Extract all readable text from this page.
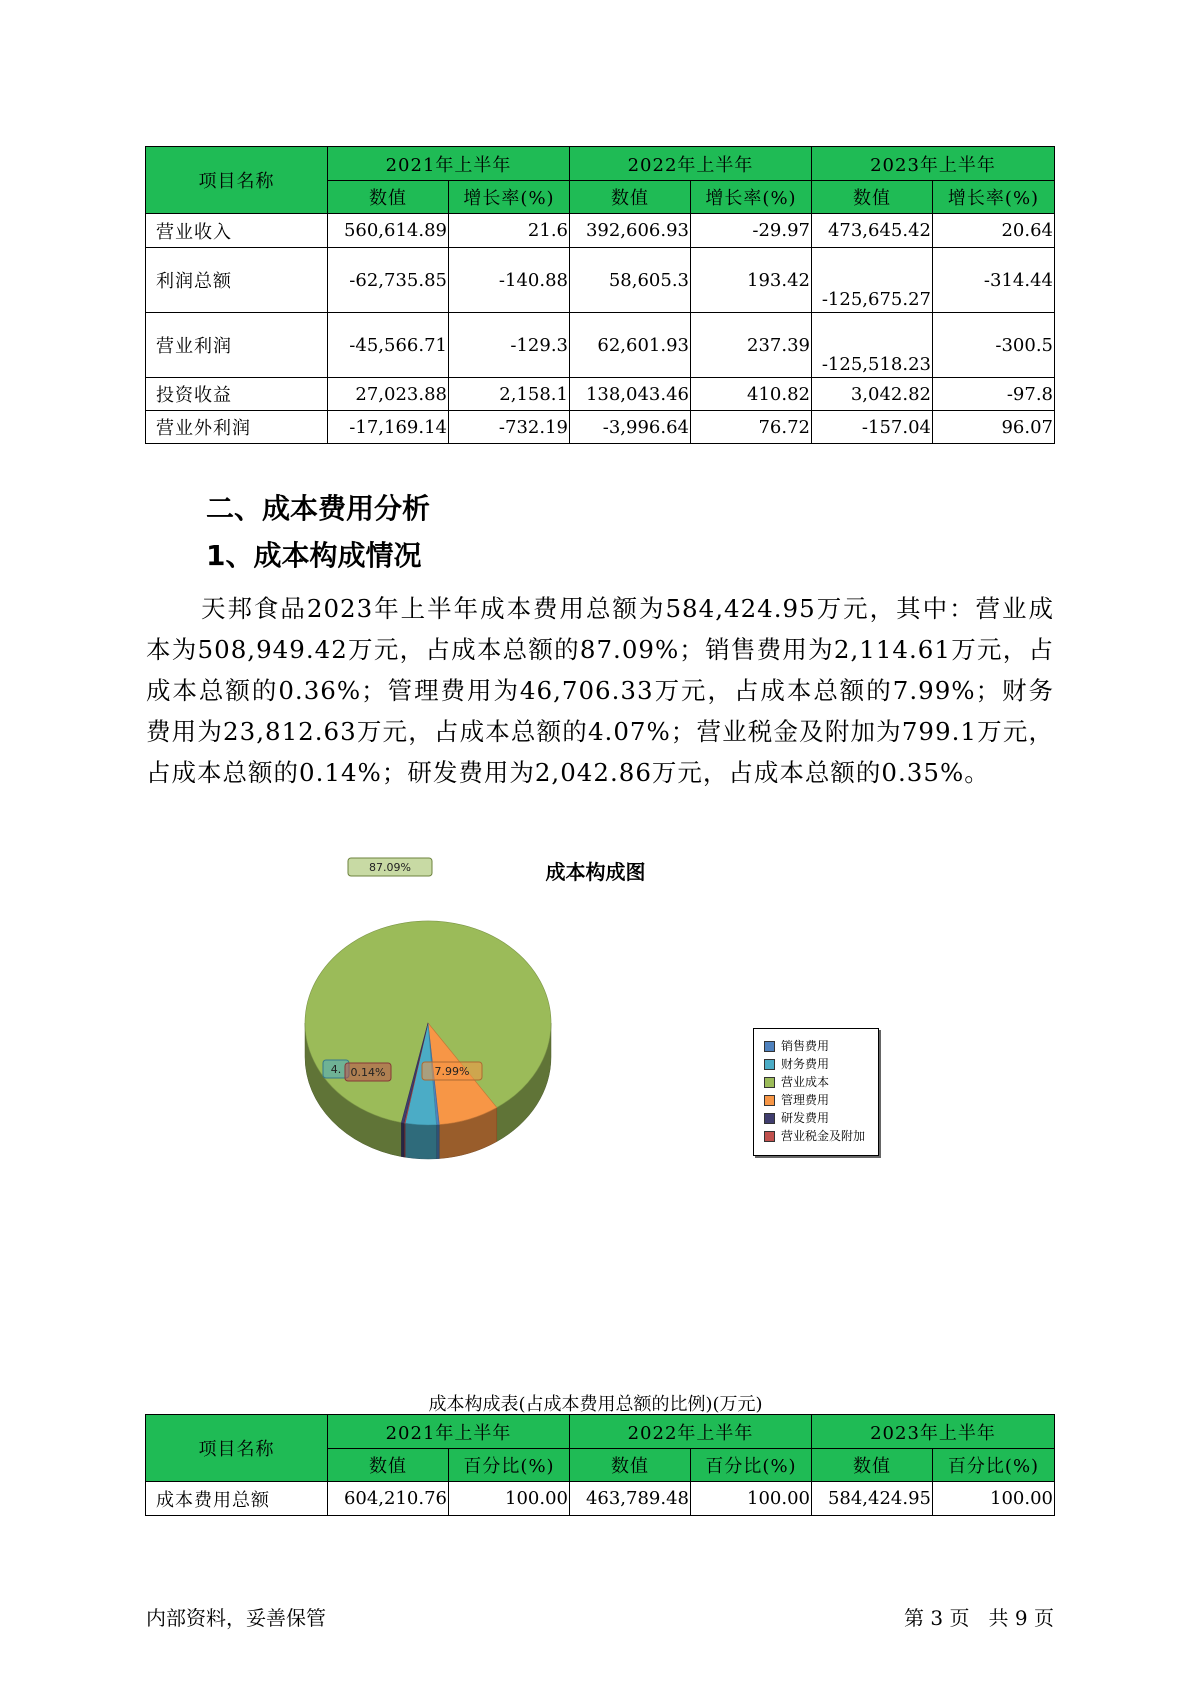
项目名称	2021年上半年		2022年上半年		2023年上半年	
	数值	增长率(%)	数值	增长率(%)	数值	增长率(%)
营业收入	560,614.89	21.6	392,606.93	-29.97	473,645.42	20.64
利润总额	-62,735.85	-140.88	58,605.3	193.42	-125,675.27	-314.44
营业利润	-45,566.71	-129.3	62,601.93	237.39	-125,518.23	-300.5
投资收益	27,023.88	2,158.1	138,043.46	410.82	3,042.82	-97.8
营业外利润	-17,169.14	-732.19	-3,996.64	76.72	-157.04	96.07
二、成本费用分析
1、成本构成情况

天邦食品2023年上半年成本费用总额为584,424.95万元，其中：营业成本为508,949.42万元，占成本总额的87.09%；销售费用为2,114.61万元，占成本总额的0.36%；管理费用为46,706.33万元，占成本总额的7.99%；财务费用为23,812.63万元，占成本总额的4.07%；营业税金及附加为799.1万元，占成本总额的0.14%；研发费用为2,042.86万元，占成本总额的0.35%。

成本构成图
87.09%
7.99%
4. 0.14%
销售费用
财务费用
营业成本
管理费用
研发费用
营业税金及附加
成本构成表(占成本费用总额的比例)(万元)
项目名称	2021年上半年		2022年上半年		2023年上半年	
	数值	百分比(%)	数值	百分比(%)	数值	百分比(%)
成本费用总额	604,210.76	100.00	463,789.48	100.00	584,424.95	100.00
内部资料，妥善保管	第 3 页   共 9 页
